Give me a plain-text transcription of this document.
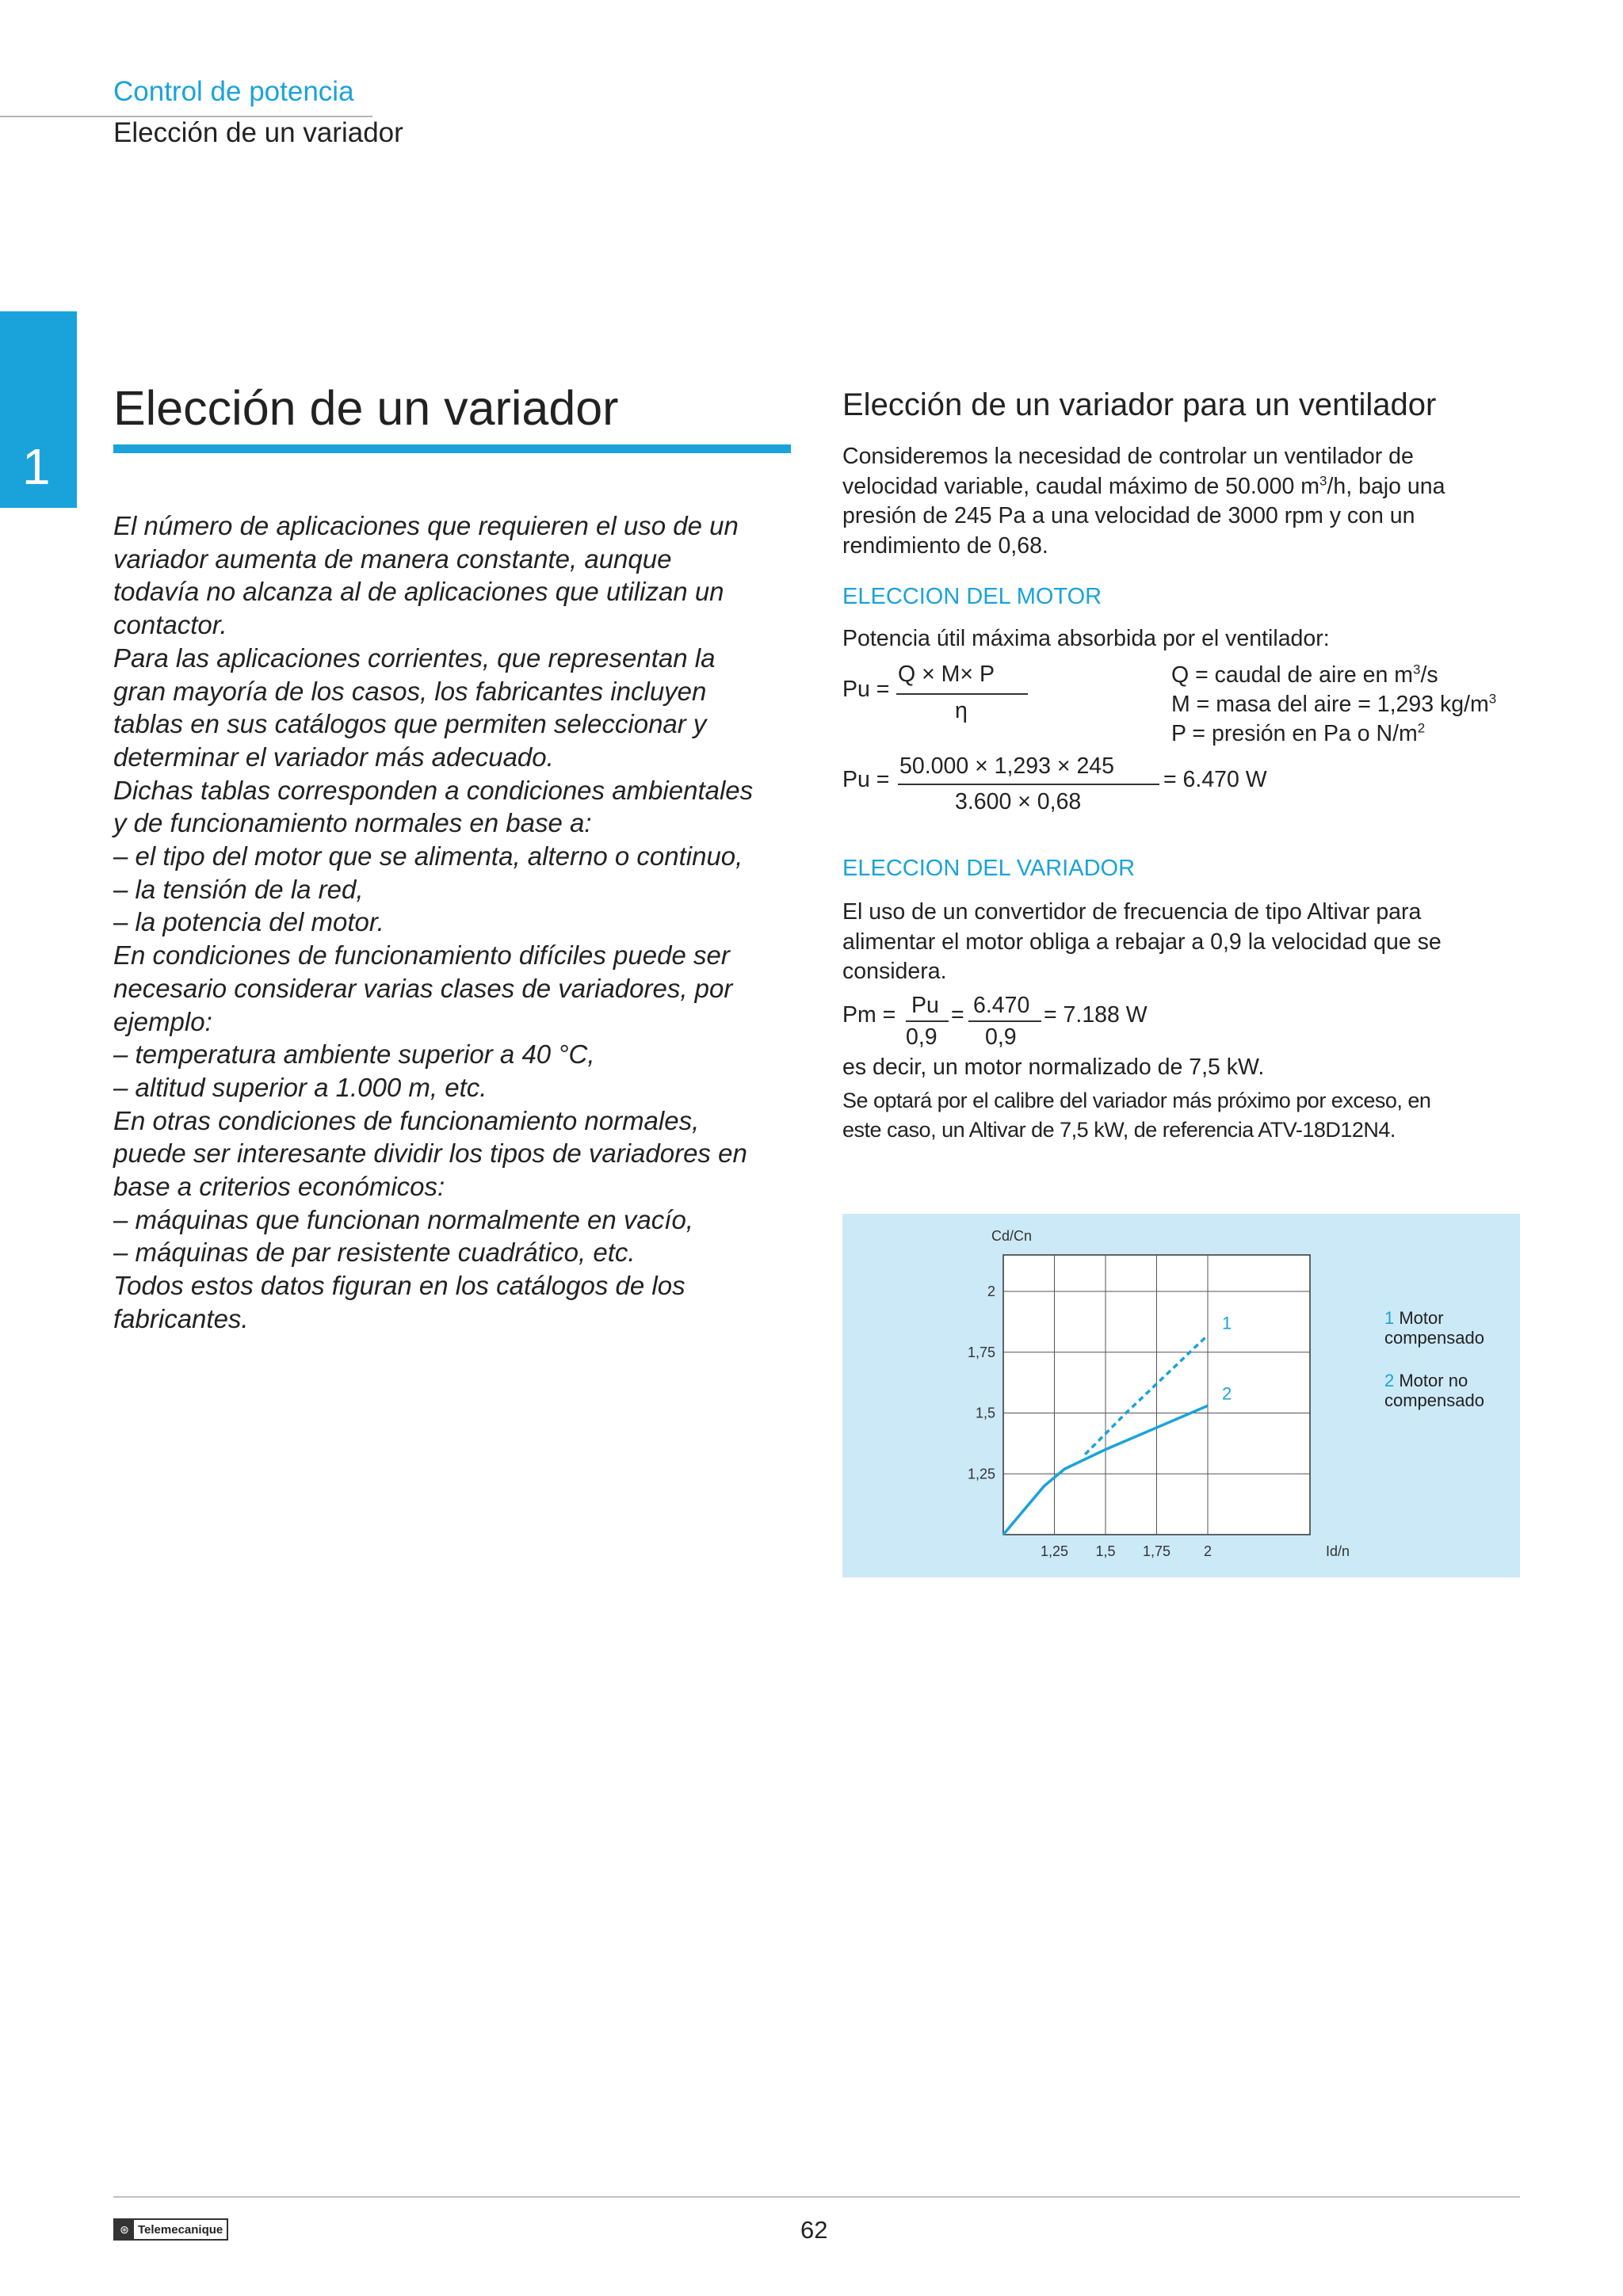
Control de potencia
Elección de un variador
1
Elección de un variador
El número de aplicaciones que requieren el uso de un
variador aumenta de manera constante, aunque
todavía no alcanza al de aplicaciones que utilizan un
contactor.
Para las aplicaciones corrientes, que representan la
gran mayoría de los casos, los fabricantes incluyen
tablas en sus catálogos que permiten seleccionar y
determinar el variador más adecuado.
Dichas tablas corresponden a condiciones ambientales
y de funcionamiento normales en base a:
– el tipo del motor que se alimenta, alterno o continuo,
– la tensión de la red,
– la potencia del motor.
En condiciones de funcionamiento difíciles puede ser
necesario considerar varias clases de variadores, por
ejemplo:
– temperatura ambiente superior a 40 °C,
– altitud superior a 1.000 m, etc.
En otras condiciones de funcionamiento normales,
puede ser interesante dividir los tipos de variadores en
base a criterios económicos:
– máquinas que funcionan normalmente en vacío,
– máquinas de par resistente cuadrático, etc.
Todos estos datos figuran en los catálogos de los
fabricantes.
Elección de un variador para un ventilador
Consideremos la necesidad de controlar un ventilador de
velocidad variable, caudal máximo de 50.000 $m^3/h$, bajo una
presión de 245 Pa a una velocidad de 3000 rpm y con un
rendimiento de 0,68.
ELECCION DEL MOTOR
Potencia útil máxima absorbida por el ventilador:
Pu =
Q × M× P
η
Q = caudal de aire en $m^3/s$
M = masa del aire = 1,293 $kg/m^3$
P = presión en Pa o $N/m^2$
Pu =
50.000 × 1,293 × 245
3.600 × 0,68
= 6.470 W
ELECCION DEL VARIADOR
El uso de un convertidor de frecuencia de tipo Altivar para
alimentar el motor obliga a rebajar a 0,9 la velocidad que se
considera.
Pm = Pu
0,9
= 6.470
0,9
= 7.188 W
es decir, un motor normalizado de 7,5 kW.
Se optará por el calibre del variador más próximo por exceso, en
este caso, un Altivar de 7,5 kW, de referencia ATV-18D12N4.
1,25 1,5 1,75 2
1,25
1,5
1,75
2
Cd/Cn
Id/n
1
2
1 Motor
compensado
2 Motor no
compensado
⊛ Telemecanique	62
